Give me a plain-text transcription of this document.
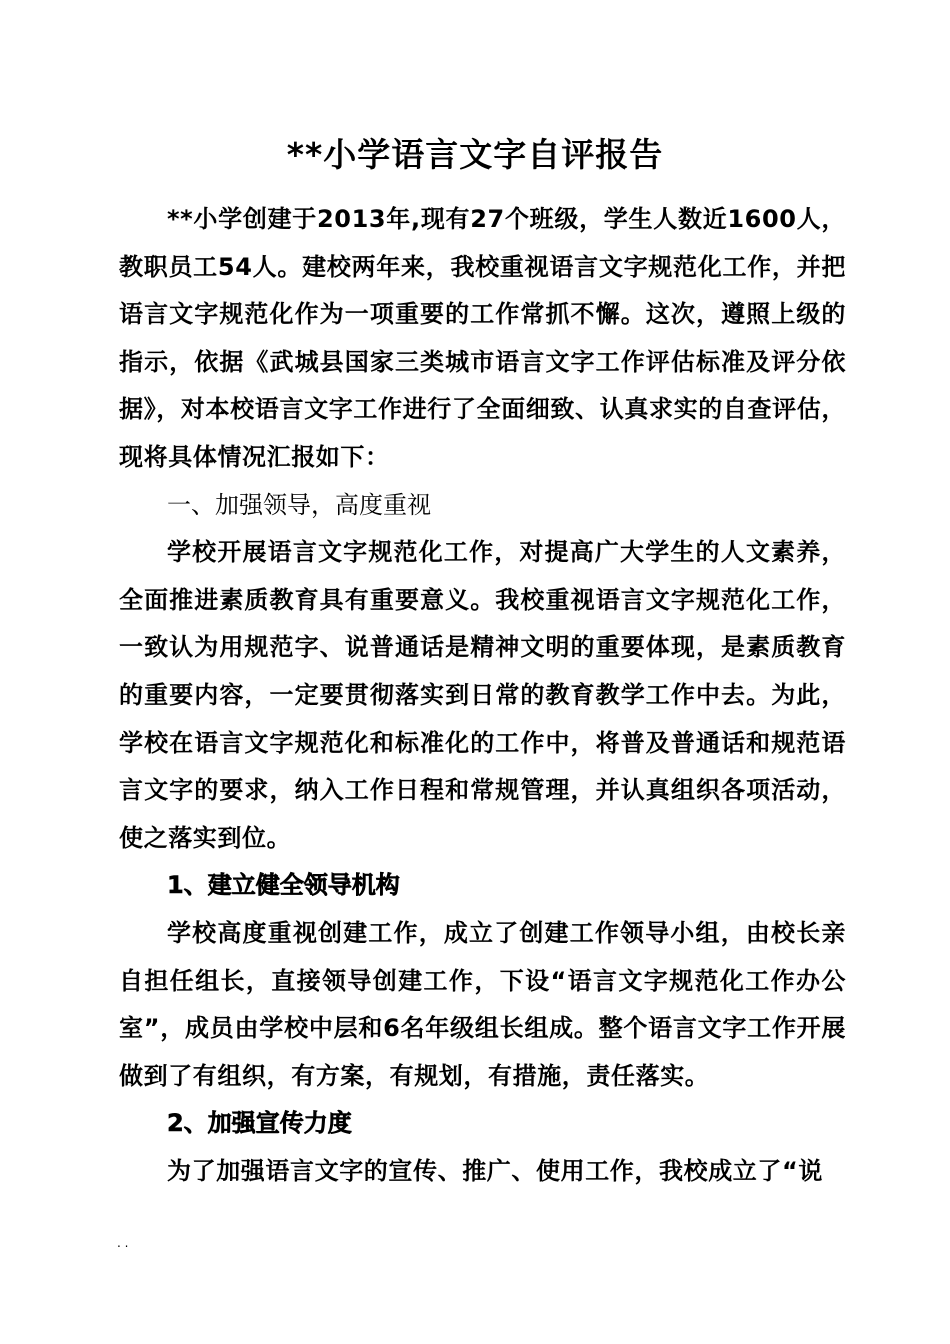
**小学语言文字自评报告

**小学创建于2013年,现有27个班级，学生人数近1600人，教职员工54人。建校两年来，我校重视语言文字规范化工作，并把语言文字规范化作为一项重要的工作常抓不懈。这次，遵照上级的指示，依据《武城县国家三类城市语言文字工作评估标准及评分依据》，对本校语言文字工作进行了全面细致、认真求实的自查评估，现将具体情况汇报如下：

一、加强领导，高度重视

学校开展语言文字规范化工作，对提高广大学生的人文素养，全面推进素质教育具有重要意义。我校重视语言文字规范化工作，一致认为用规范字、说普通话是精神文明的重要体现，是素质教育的重要内容，一定要贯彻落实到日常的教育教学工作中去。为此，学校在语言文字规范化和标准化的工作中，将普及普通话和规范语言文字的要求，纳入工作日程和常规管理，并认真组织各项活动，使之落实到位。

1、建立健全领导机构

学校高度重视创建工作，成立了创建工作领导小组，由校长亲自担任组长，直接领导创建工作，下设“语言文字规范化工作办公室”，成员由学校中层和6名年级组长组成。整个语言文字工作开展做到了有组织，有方案，有规划，有措施，责任落实。

2、加强宣传力度

为了加强语言文字的宣传、推广、使用工作，我校成立了“说

. .
